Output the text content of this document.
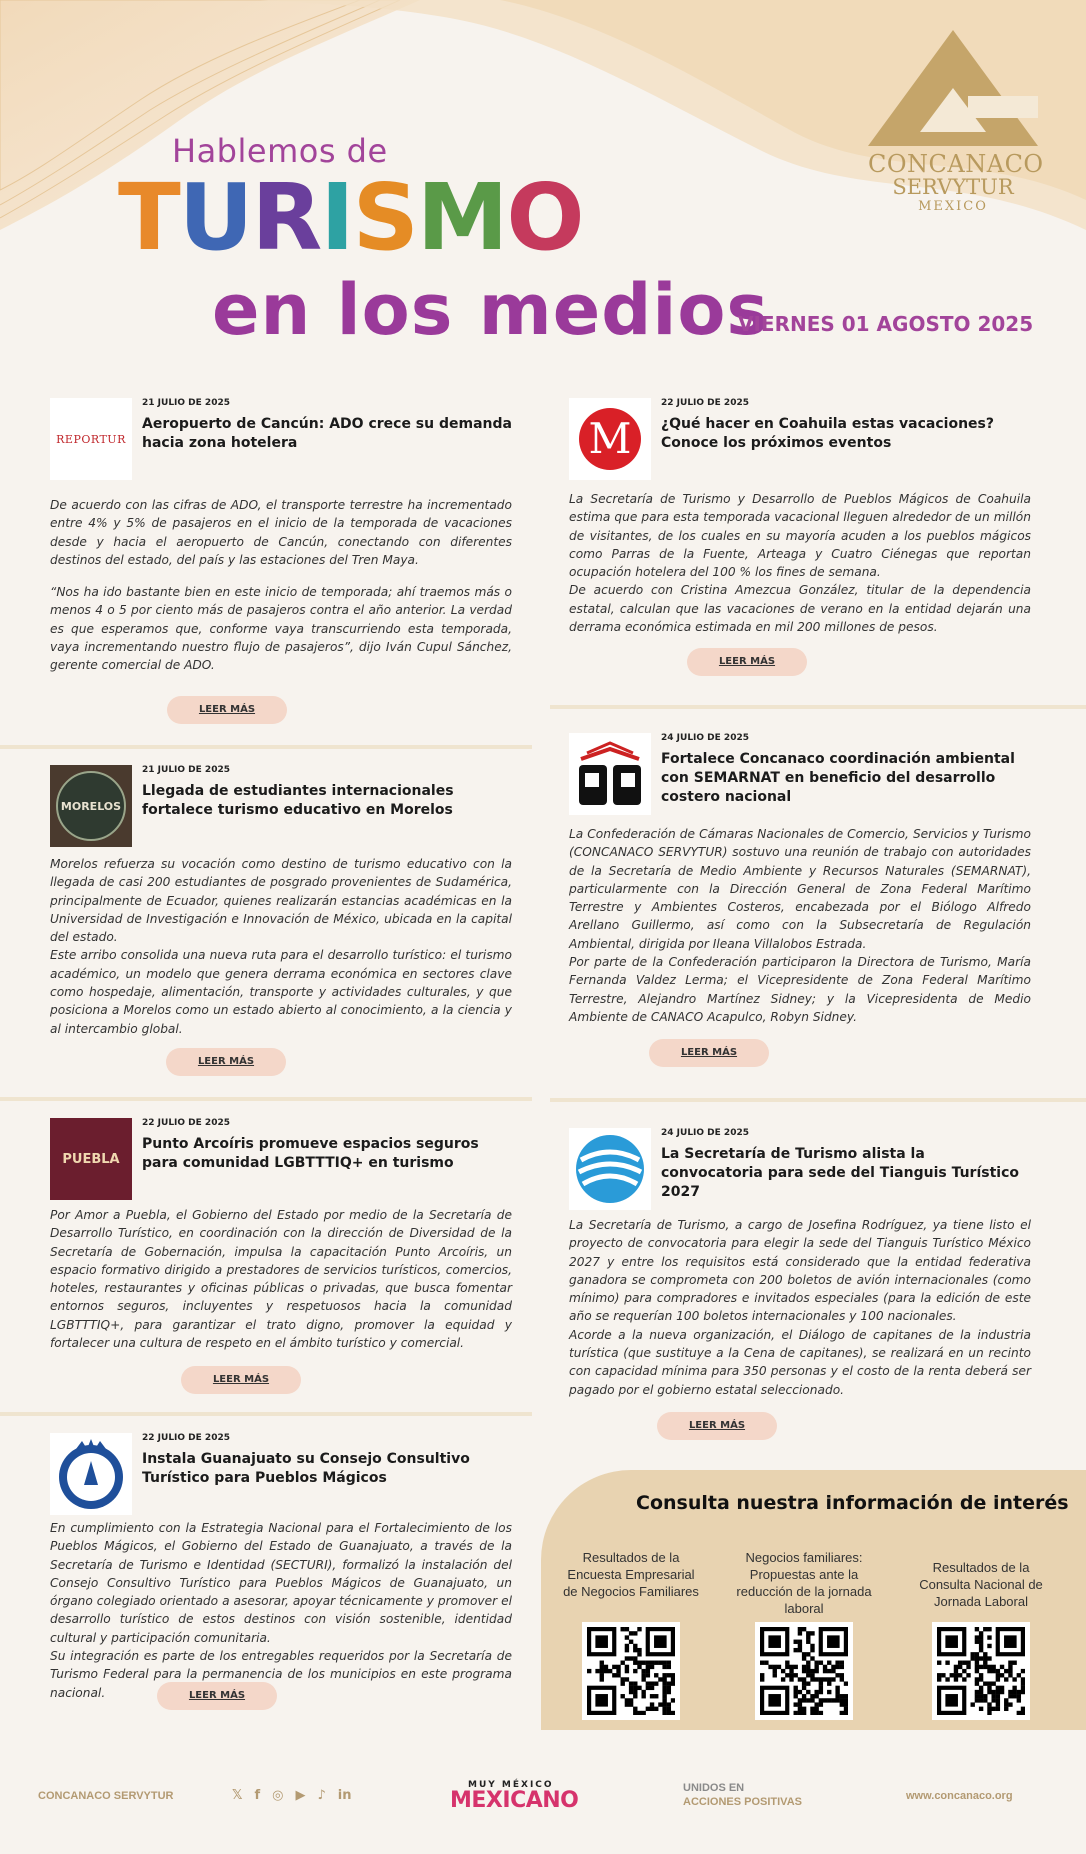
Hablemos de
TURISMO
en los medios
CONCANACO
SERVYTUR
MEXICO
VIERNES 01 AGOSTO 2025
REPORTUR
21 JULIO DE 2025
Aeropuerto de Cancún: ADO crece su demanda hacia zona hotelera

De acuerdo con las cifras de ADO, el transporte terrestre ha incrementado entre 4% y 5% de pasajeros en el inicio de la temporada de vacaciones desde y hacia el aeropuerto de Cancún, conectando con diferentes destinos del estado, del país y las estaciones del Tren Maya.

“Nos ha ido bastante bien en este inicio de temporada; ahí traemos más o menos 4 o 5 por ciento más de pasajeros contra el año anterior. La verdad es que esperamos que, conforme vaya transcurriendo esta temporada, vaya incrementando nuestro flujo de pasajeros”, dijo Iván Cupul Sánchez, gerente comercial de ADO.

LEER MÁS
M
22 JULIO DE 2025
¿Qué hacer en Coahuila estas vacaciones? Conoce los próximos eventos

La Secretaría de Turismo y Desarrollo de Pueblos Mágicos de Coahuila estima que para esta temporada vacacional lleguen alrededor de un millón de visitantes, de los cuales en su mayoría acuden a los pueblos mágicos como Parras de la Fuente, Arteaga y Cuatro Ciénegas que reportan ocupación hotelera del 100 % los fines de semana.

De acuerdo con Cristina Amezcua González, titular de la dependencia estatal, calculan que las vacaciones de verano en la entidad dejarán una derrama económica estimada en mil 200 millones de pesos.

LEER MÁS
MORELOS
21 JULIO DE 2025
Llegada de estudiantes internacionales fortalece turismo educativo en Morelos

Morelos refuerza su vocación como destino de turismo educativo con la llegada de casi 200 estudiantes de posgrado provenientes de Sudamérica, principalmente de Ecuador, quienes realizarán estancias académicas en la Universidad de Investigación e Innovación de México, ubicada en la capital del estado.

Este arribo consolida una nueva ruta para el desarrollo turístico: el turismo académico, un modelo que genera derrama económica en sectores clave como hospedaje, alimentación, transporte y actividades culturales, y que posiciona a Morelos como un estado abierto al conocimiento, a la ciencia y al intercambio global.

LEER MÁS
24 JULIO DE 2025
Fortalece Concanaco coordinación ambiental con SEMARNAT en beneficio del desarrollo costero nacional

La Confederación de Cámaras Nacionales de Comercio, Servicios y Turismo (CONCANACO SERVYTUR) sostuvo una reunión de trabajo con autoridades de la Secretaría de Medio Ambiente y Recursos Naturales (SEMARNAT), particularmente con la Dirección General de Zona Federal Marítimo Terrestre y Ambientes Costeros, encabezada por el Biólogo Alfredo Arellano Guillermo, así como con la Subsecretaría de Regulación Ambiental, dirigida por Ileana Villalobos Estrada.

Por parte de la Confederación participaron la Directora de Turismo, María Fernanda Valdez Lerma; el Vicepresidente de Zona Federal Marítimo Terrestre, Alejandro Martínez Sidney; y la Vicepresidenta de Medio Ambiente de CANACO Acapulco, Robyn Sidney.

LEER MÁS
PUEBLA
22 JULIO DE 2025
Punto Arcoíris promueve espacios seguros para comunidad LGBTTTIQ+ en turismo

Por Amor a Puebla, el Gobierno del Estado por medio de la Secretaría de Desarrollo Turístico, en coordinación con la dirección de Diversidad de la Secretaría de Gobernación, impulsa la capacitación Punto Arcoíris, un espacio formativo dirigido a prestadores de servicios turísticos, comercios, hoteles, restaurantes y oficinas públicas o privadas, que busca fomentar entornos seguros, incluyentes y respetuosos hacia la comunidad LGBTTTIQ+, para garantizar el trato digno, promover la equidad y fortalecer una cultura de respeto en el ámbito turístico y comercial.

LEER MÁS
24 JULIO DE 2025
La Secretaría de Turismo alista la convocatoria para sede del Tianguis Turístico 2027

La Secretaría de Turismo, a cargo de Josefina Rodríguez, ya tiene listo el proyecto de convocatoria para elegir la sede del Tianguis Turístico México 2027 y entre los requisitos está considerado que la entidad federativa ganadora se comprometa con 200 boletos de avión internacionales (como mínimo) para compradores e invitados especiales (para la edición de este año se requerían 100 boletos internacionales y 100 nacionales.

Acorde a la nueva organización, el Diálogo de capitanes de la industria turística (que sustituye a la Cena de capitanes), se realizará en un recinto con capacidad mínima para 350 personas y el costo de la renta deberá ser pagado por el gobierno estatal seleccionado.

LEER MÁS
22 JULIO DE 2025
Instala Guanajuato su Consejo Consultivo Turístico para Pueblos Mágicos

En cumplimiento con la Estrategia Nacional para el Fortalecimiento de los Pueblos Mágicos, el Gobierno del Estado de Guanajuato, a través de la Secretaría de Turismo e Identidad (SECTURI), formalizó la instalación del Consejo Consultivo Turístico para Pueblos Mágicos de Guanajuato, un órgano colegiado orientado a asesorar, apoyar técnicamente y promover el desarrollo turístico de estos destinos con visión sostenible, identidad cultural y participación comunitaria.

Su integración es parte de los entregables requeridos por la Secretaría de Turismo Federal para la permanencia de los municipios en este programa nacional.	LEER MÁS
Consulta nuestra información de interés
Resultados de la Encuesta Empresarial de Negocios Familiares
Negocios familiares: Propuestas ante la reducción de la jornada laboral
Resultados de la Consulta Nacional de Jornada Laboral
CONCANACO SERVYTUR	𝕏 f ◎ ▶ ♪ in
MUY MÉXICO
MEXICANO	UNIDOS EN
ACCIONES POSITIVAS	www.concanaco.org
